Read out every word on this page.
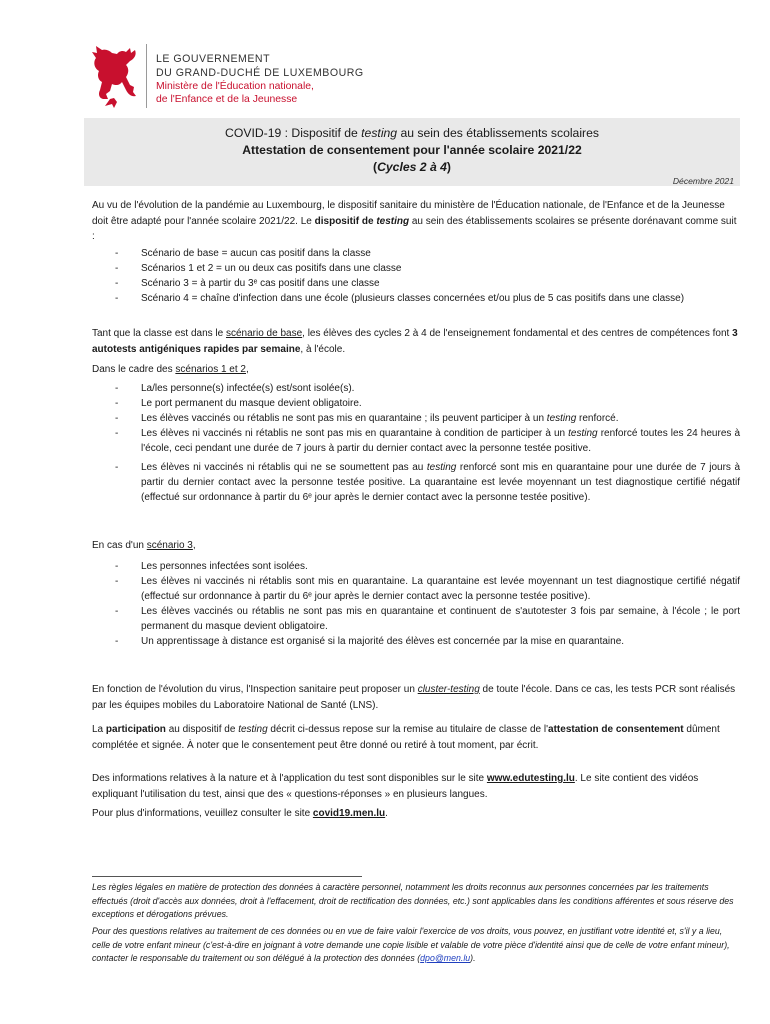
LE GOUVERNEMENT
DU GRAND-DUCHÉ DE LUXEMBOURG
Ministère de l'Éducation nationale,
de l'Enfance et de la Jeunesse
COVID-19 : Dispositif de testing au sein des établissements scolaires
Attestation de consentement pour l'année scolaire 2021/22
(Cycles 2 à 4)
Décembre 2021
Au vu de l'évolution de la pandémie au Luxembourg, le dispositif sanitaire du ministère de l'Éducation nationale, de l'Enfance et de la Jeunesse doit être adapté pour l'année scolaire 2021/22. Le dispositif de testing au sein des établissements scolaires se présente dorénavant comme suit :
- Scénario de base = aucun cas positif dans la classe
- Scénarios 1 et 2 = un ou deux cas positifs dans une classe
- Scénario 3 = à partir du 3ᵉ cas positif dans une classe
- Scénario 4 = chaîne d'infection dans une école (plusieurs classes concernées et/ou plus de 5 cas positifs dans une classe)
Tant que la classe est dans le scénario de base, les élèves des cycles 2 à 4 de l'enseignement fondamental et des centres de compétences font 3 autotests antigéniques rapides par semaine, à l'école.
Dans le cadre des scénarios 1 et 2,
- La/les personne(s) infectée(s) est/sont isolée(s).
- Le port permanent du masque devient obligatoire.
- Les élèves vaccinés ou rétablis ne sont pas mis en quarantaine ; ils peuvent participer à un testing renforcé.
- Les élèves ni vaccinés ni rétablis ne sont pas mis en quarantaine à condition de participer à un testing renforcé toutes les 24 heures à l'école, ceci pendant une durée de 7 jours à partir du dernier contact avec la personne testée positive.
- Les élèves ni vaccinés ni rétablis qui ne se soumettent pas au testing renforcé sont mis en quarantaine pour une durée de 7 jours à partir du dernier contact avec la personne testée positive. La quarantaine est levée moyennant un test diagnostique certifié négatif (effectué sur ordonnance à partir du 6ᵉ jour après le dernier contact avec la personne testée positive).
En cas d'un scénario 3,
- Les personnes infectées sont isolées.
- Les élèves ni vaccinés ni rétablis sont mis en quarantaine. La quarantaine est levée moyennant un test diagnostique certifié négatif (effectué sur ordonnance à partir du 6ᵉ jour après le dernier contact avec la personne testée positive).
- Les élèves vaccinés ou rétablis ne sont pas mis en quarantaine et continuent de s'autotester 3 fois par semaine, à l'école ; le port permanent du masque devient obligatoire.
- Un apprentissage à distance est organisé si la majorité des élèves est concernée par la mise en quarantaine.
En fonction de l'évolution du virus, l'Inspection sanitaire peut proposer un cluster-testing de toute l'école. Dans ce cas, les tests PCR sont réalisés par les équipes mobiles du Laboratoire National de Santé (LNS).
La participation au dispositif de testing décrit ci-dessus repose sur la remise au titulaire de classe de l'attestation de consentement dûment complétée et signée. À noter que le consentement peut être donné ou retiré à tout moment, par écrit.
Des informations relatives à la nature et à l'application du test sont disponibles sur le site www.edutesting.lu. Le site contient des vidéos expliquant l'utilisation du test, ainsi que des « questions-réponses » en plusieurs langues.
Pour plus d'informations, veuillez consulter le site covid19.men.lu.
Les règles légales en matière de protection des données à caractère personnel, notamment les droits reconnus aux personnes concernées par les traitements effectués (droit d'accès aux données, droit à l'effacement, droit de rectification des données, etc.) sont applicables dans les conditions afférentes et sous réserve des exceptions et dérogations prévues.
Pour des questions relatives au traitement de ces données ou en vue de faire valoir l'exercice de vos droits, vous pouvez, en justifiant votre identité et, s'il y a lieu, celle de votre enfant mineur (c'est-à-dire en joignant à votre demande une copie lisible et valable de votre pièce d'identité ainsi que de celle de votre enfant mineur), contacter le responsable du traitement ou son délégué à la protection des données (dpo@men.lu).
